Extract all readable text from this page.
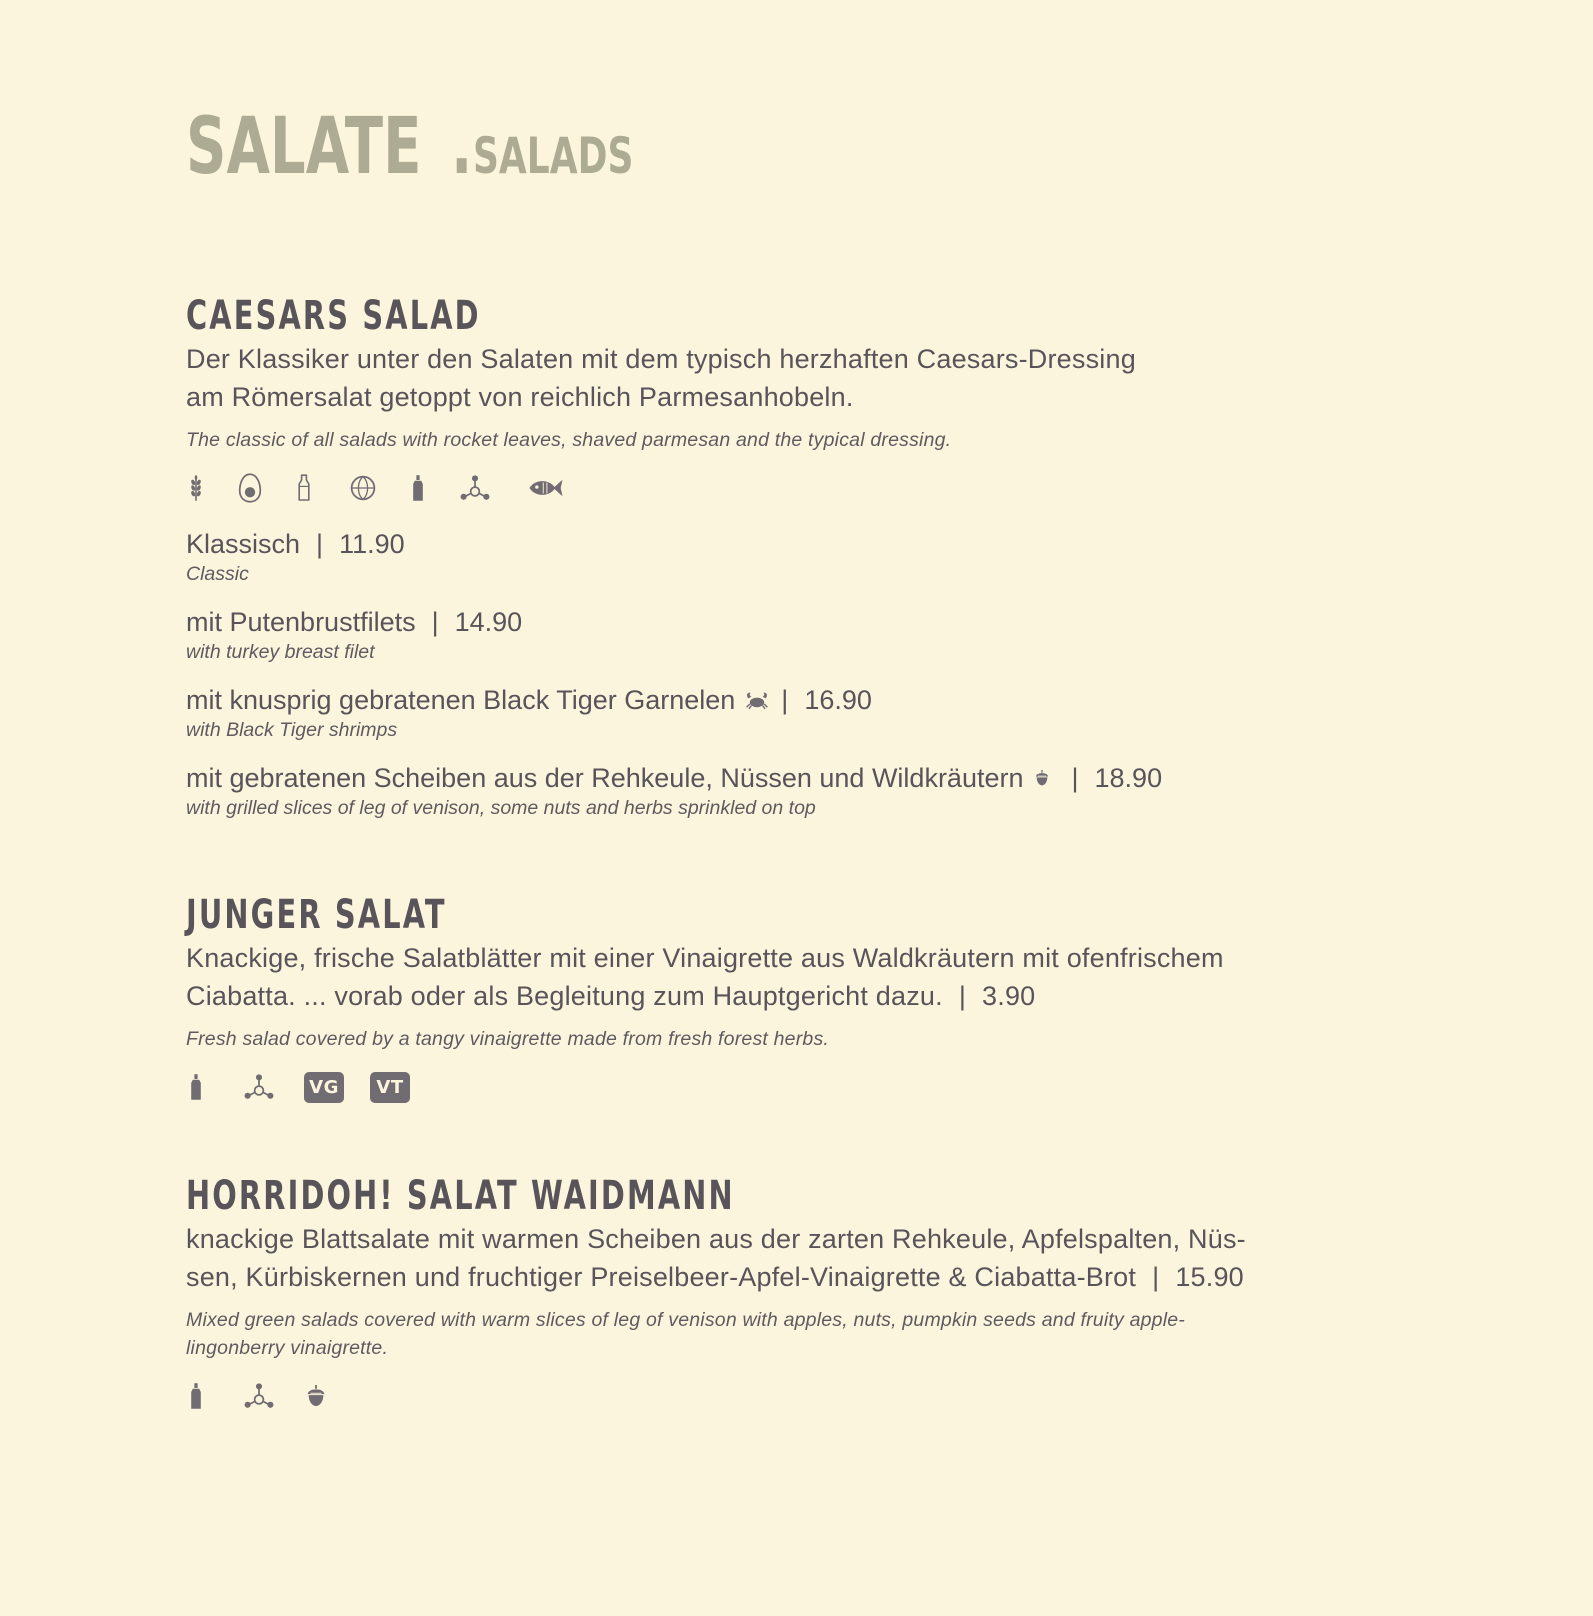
SALATE .SALADS
CAESARS SALAD
Der Klassiker unter den Salaten mit dem typisch herzhaften Caesars-Dressing
am Römersalat getoppt von reichlich Parmesanhobeln.
The classic of all salads with rocket leaves, shaved parmesan and the typical dressing.
Klassisch | 11.90
Classic
mit Putenbrustfilets | 14.90
with turkey breast filet
mit knusprig gebratenen Black Tiger Garnelen | 16.90
with Black Tiger shrimps
mit gebratenen Scheiben aus der Rehkeule, Nüssen und Wildkräutern | 18.90
with grilled slices of leg of venison, some nuts and herbs sprinkled on top
JUNGER SALAT
Knackige, frische Salatblätter mit einer Vinaigrette aus Waldkräutern mit ofenfrischem
Ciabatta. ... vorab oder als Begleitung zum Hauptgericht dazu. | 3.90
Fresh salad covered by a tangy vinaigrette made from fresh forest herbs.
VG	VT
HORRIDOH! SALAT WAIDMANN
knackige Blattsalate mit warmen Scheiben aus der zarten Rehkeule, Apfelspalten, Nüs-
sen, Kürbiskernen und fruchtiger Preiselbeer-Apfel-Vinaigrette & Ciabatta-Brot | 15.90
Mixed green salads covered with warm slices of leg of venison with apples, nuts, pumpkin seeds and fruity apple-
lingonberry vinaigrette.
